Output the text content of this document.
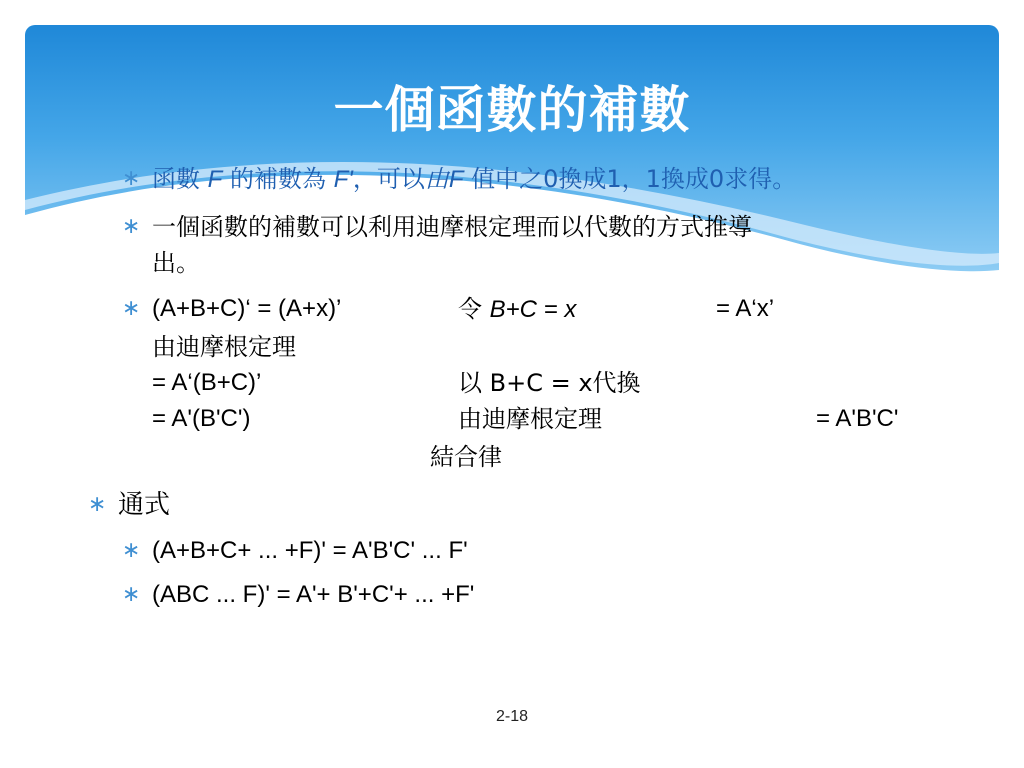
一個函數的補數
∗ 函數 F 的補數為 F'，可以由F 值中之0換成1，1換成0求得。
∗ 一個函數的補數可以利用迪摩根定理而以代數的方式推導
出。
∗ (A+B+C)‘ = (A+x)’	令 B+C = x	= A‘x’
由迪摩根定理
= A‘(B+C)’	以 B+C = x代換
= A'(B'C')	由迪摩根定理	= A'B'C'
結合律
∗ 通式
∗ (A+B+C+ ... +F)' = A'B'C' ... F'
∗ (ABC ... F)' = A'+ B'+C'+ ... +F'
2-18
